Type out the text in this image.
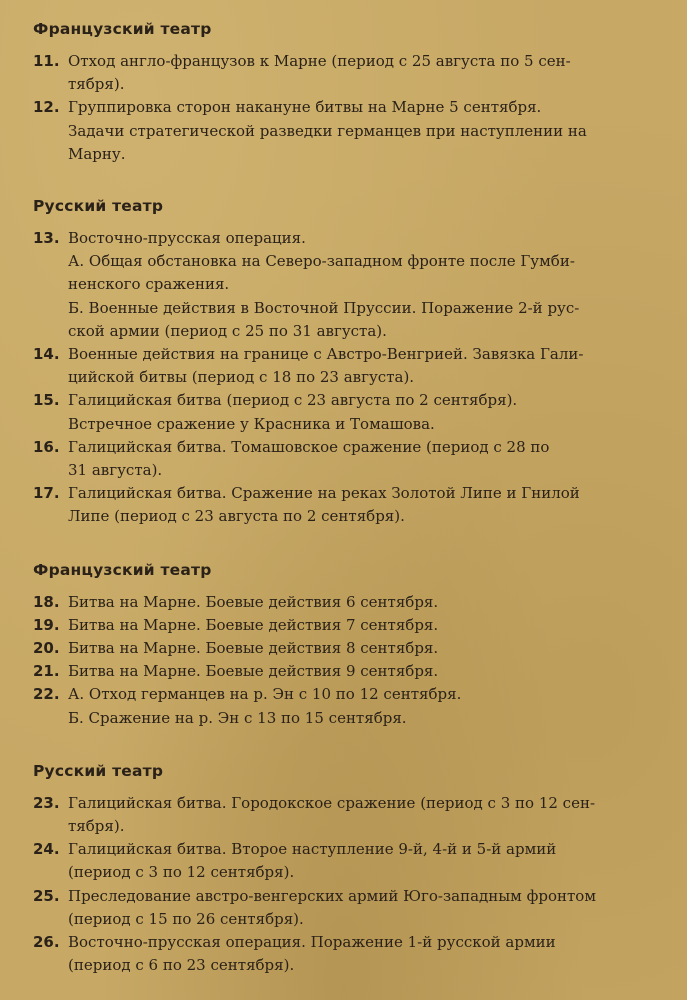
Французский театр
11. Отход англо-французов к Марне (период с 25 августа по 5 сен-
тября).
12. Группировка сторон накануне битвы на Марне 5 сентября.
Задачи стратегической разведки германцев при наступлении на
Марну.
Русский театр
13. Восточно-прусская операция.
А. Общая обстановка на Северо-западном фронте после Гумби-
ненского сражения.
Б. Военные действия в Восточной Пруссии. Поражение 2-й рус-
ской армии (период с 25 по 31 августа).
14. Военные действия на границе с Австро-Венгрией. Завязка Гали-
цийской битвы (период с 18 по 23 августа).
15. Галицийская битва (период с 23 августа по 2 сентября).
Встречное сражение у Красника и Томашова.
16. Галицийская битва. Томашовское сражение (период с 28 по
31 августа).
17. Галицийская битва. Сражение на реках Золотой Липе и Гнилой
Липе (период с 23 августа по 2 сентября).
Французский театр
18. Битва на Марне. Боевые действия 6 сентября.
19. Битва на Марне. Боевые действия 7 сентября.
20. Битва на Марне. Боевые действия 8 сентября.
21. Битва на Марне. Боевые действия 9 сентября.
22. А. Отход германцев на р. Эн с 10 по 12 сентября.
Б. Сражение на р. Эн с 13 по 15 сентября.
Русский театр
23. Галицийская битва. Городокское сражение (период с 3 по 12 сен-
тября).
24. Галицийская битва. Второе наступление 9-й, 4-й и 5-й армий
(период с 3 по 12 сентября).
25. Преследование австро-венгерских армий Юго-западным фронтом
(период с 15 по 26 сентября).
26. Восточно-прусская операция. Поражение 1-й русской армии
(период с 6 по 23 сентября).
